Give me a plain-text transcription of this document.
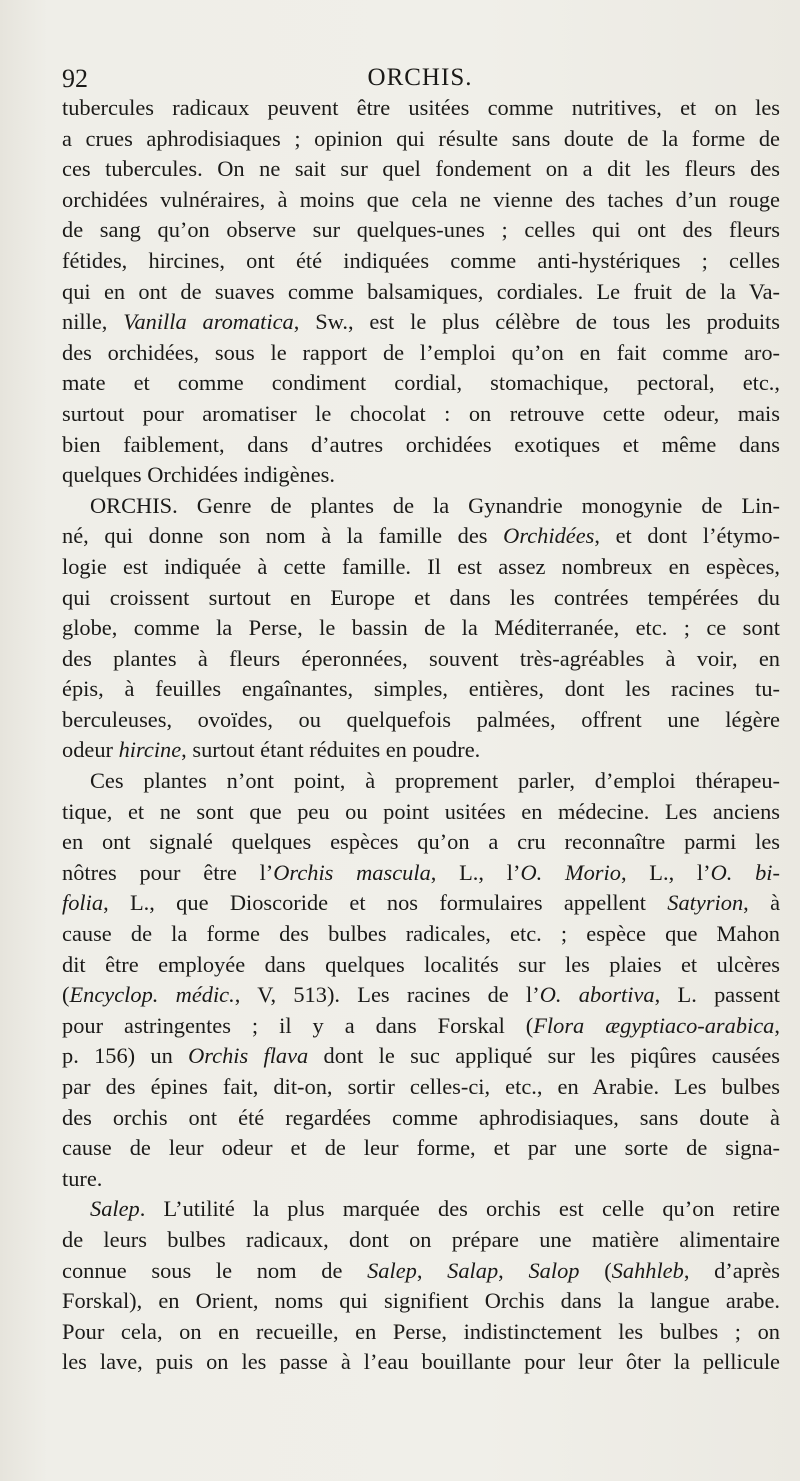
92	ORCHIS.
tubercules radicaux peuvent être usitées comme nutritives, et on les
a crues aphrodisiaques ; opinion qui résulte sans doute de la forme de
ces tubercules. On ne sait sur quel fondement on a dit les fleurs des
orchidées vulnéraires, à moins que cela ne vienne des taches d’un rouge
de sang qu’on observe sur quelques-unes ; celles qui ont des fleurs
fétides, hircines, ont été indiquées comme anti-hystériques ; celles
qui en ont de suaves comme balsamiques, cordiales. Le fruit de la Va-
nille, Vanilla aromatica, Sw., est le plus célèbre de tous les produits
des orchidées, sous le rapport de l’emploi qu’on en fait comme aro-
mate et comme condiment cordial, stomachique, pectoral, etc.,
surtout pour aromatiser le chocolat : on retrouve cette odeur, mais
bien faiblement, dans d’autres orchidées exotiques et même dans
quelques Orchidées indigènes.
ORCHIS. Genre de plantes de la Gynandrie monogynie de Lin-
né, qui donne son nom à la famille des Orchidées, et dont l’étymo-
logie est indiquée à cette famille. Il est assez nombreux en espèces,
qui croissent surtout en Europe et dans les contrées tempérées du
globe, comme la Perse, le bassin de la Méditerranée, etc. ; ce sont
des plantes à fleurs éperonnées, souvent très-agréables à voir, en
épis, à feuilles engaînantes, simples, entières, dont les racines tu-
berculeuses, ovoïdes, ou quelquefois palmées, offrent une légère
odeur hircine, surtout étant réduites en poudre.
Ces plantes n’ont point, à proprement parler, d’emploi thérapeu-
tique, et ne sont que peu ou point usitées en médecine. Les anciens
en ont signalé quelques espèces qu’on a cru reconnaître parmi les
nôtres pour être l’Orchis mascula, L., l’O. Morio, L., l’O. bi-
folia, L., que Dioscoride et nos formulaires appellent Satyrion, à
cause de la forme des bulbes radicales, etc. ; espèce que Mahon
dit être employée dans quelques localités sur les plaies et ulcères
(Encyclop. médic., V, 513). Les racines de l’O. abortiva, L. passent
pour astringentes ; il y a dans Forskal (Flora ægyptiaco-arabica,
p. 156) un Orchis flava dont le suc appliqué sur les piqûres causées
par des épines fait, dit-on, sortir celles-ci, etc., en Arabie. Les bulbes
des orchis ont été regardées comme aphrodisiaques, sans doute à
cause de leur odeur et de leur forme, et par une sorte de signa-
ture.
Salep. L’utilité la plus marquée des orchis est celle qu’on retire
de leurs bulbes radicaux, dont on prépare une matière alimentaire
connue sous le nom de Salep, Salap, Salop (Sahhleb, d’après
Forskal), en Orient, noms qui signifient Orchis dans la langue arabe.
Pour cela, on en recueille, en Perse, indistinctement les bulbes ; on
les lave, puis on les passe à l’eau bouillante pour leur ôter la pellicule
